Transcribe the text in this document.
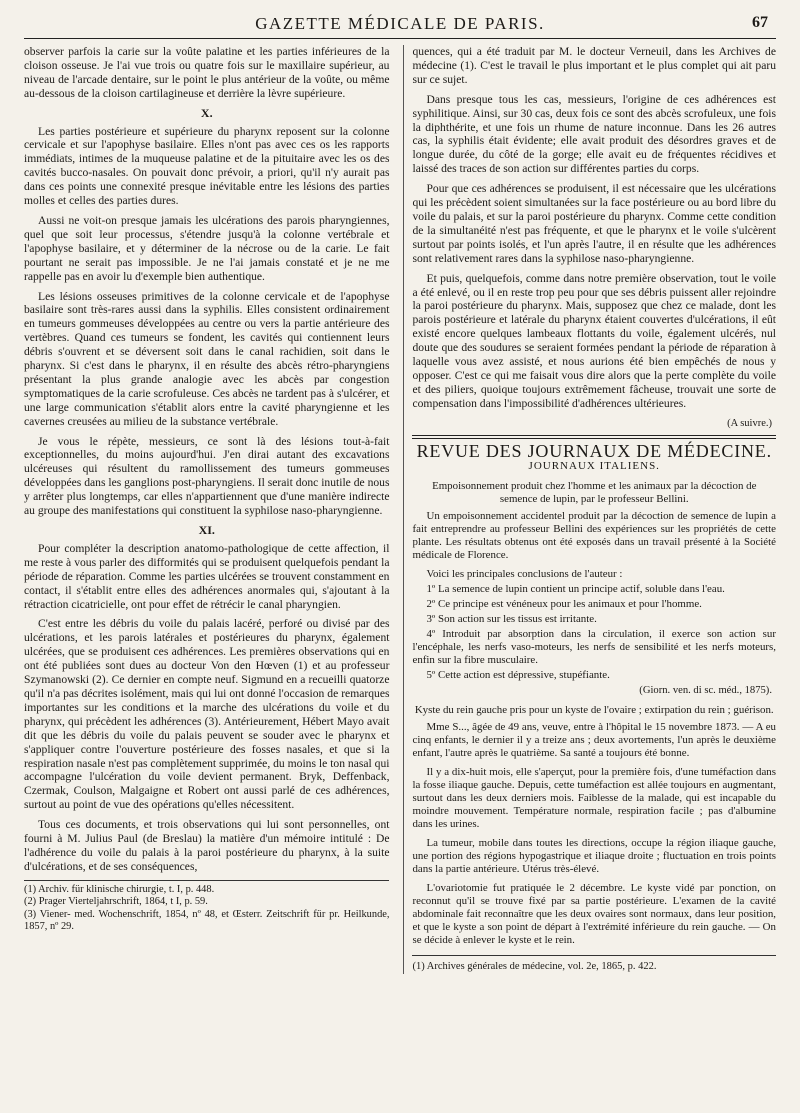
GAZETTE MÉDICALE DE PARIS.	67

observer parfois la carie sur la voûte palatine et les parties inférieures de la cloison osseuse. Je l'ai vue trois ou quatre fois sur le maxillaire supérieur, au niveau de l'arcade dentaire, sur le point le plus antérieur de la voûte, ou même au-dessous de la cloison cartilagineuse et derrière la lèvre supérieure.

X.

Les parties postérieure et supérieure du pharynx reposent sur la colonne cervicale et sur l'apophyse basilaire. Elles n'ont pas avec ces os les rapports immédiats, intimes de la muqueuse palatine et de la pituitaire avec les os des cavités bucco-nasales. On pouvait donc prévoir, a priori, qu'il n'y aurait pas dans ces points une connexité presque inévitable entre les lésions des parties molles et celles des parties dures.

Aussi ne voit-on presque jamais les ulcérations des parois pharyngiennes, quel que soit leur processus, s'étendre jusqu'à la colonne vertébrale et l'apophyse basilaire, et y déterminer de la nécrose ou de la carie. Le fait pourtant ne serait pas impossible. Je ne l'ai jamais constaté et je ne me rappelle pas en avoir lu d'exemple bien authentique.

Les lésions osseuses primitives de la colonne cervicale et de l'apophyse basilaire sont très-rares aussi dans la syphilis. Elles consistent ordinairement en tumeurs gommeuses développées au centre ou vers la partie antérieure des vertèbres. Quand ces tumeurs se fondent, les cavités qui contiennent leurs débris s'ouvrent et se déversent soit dans le canal rachidien, soit dans le pharynx. Si c'est dans le pharynx, il en résulte des abcès rétro-pharyngiens présentant la plus grande analogie avec les abcès par congestion symptomatiques de la carie scrofuleuse. Ces abcès ne tardent pas à s'ulcérer, et une large communication s'établit alors entre la cavité pharyngienne et les cavernes creusées au milieu de la substance vertébrale.

Je vous le répète, messieurs, ce sont là des lésions tout-à-fait exceptionnelles, du moins aujourd'hui. J'en dirai autant des excavations ulcéreuses qui résultent du ramollissement des tumeurs gommeuses développées dans les ganglions post-pharyngiens. Il serait donc inutile de nous y arrêter plus longtemps, car elles n'appartiennent que d'une manière indirecte au groupe des manifestations qui constituent la syphilose naso-pharyngienne.

XI.

Pour compléter la description anatomo-pathologique de cette affection, il me reste à vous parler des difformités qui se produisent quelquefois pendant la période de réparation. Comme les parties ulcérées se trouvent constamment en contact, il s'établit entre elles des adhérences anormales qui, s'ajoutant à la rétraction cicatricielle, ont pour effet de rétrécir le canal pharyngien.

C'est entre les débris du voile du palais lacéré, perforé ou divisé par des ulcérations, et les parois latérales et postérieures du pharynx, également ulcérées, que se produisent ces adhérences. Les premières observations qui en ont été publiées sont dues au docteur Von den Hœven (1) et au professeur Szymanowski (2). Ce dernier en compte neuf. Sigmund en a recueilli quatorze qu'il n'a pas décrites isolément, mais qui lui ont donné l'occasion de remarques importantes sur les conditions et la marche des ulcérations du voile et du pharynx, qui précèdent les adhérences (3). Antérieurement, Hébert Mayo avait dit que les débris du voile du palais peuvent se souder avec le pharynx et s'appliquer contre l'ouverture postérieure des fosses nasales, et que si la respiration nasale n'est pas complètement supprimée, du moins le ton nasal qui accompagne l'ulcération du voile devient permanent. Bryk, Deffenback, Czermak, Coulson, Malgaigne et Robert ont aussi parlé de ces adhérences, surtout au point de vue des opérations qu'elles nécessitent.

Tous ces documents, et trois observations qui lui sont personnelles, ont fourni à M. Julius Paul (de Breslau) la matière d'un mémoire intitulé : De l'adhérence du voile du palais à la paroi postérieure du pharynx, à la suite d'ulcérations, et de ses conséquences,

(1) Archiv. für klinische chirurgie, t. I, p. 448.

(2) Prager Vierteljahrschrift, 1864, t I, p. 59.

(3) Viener- med. Wochenschrift, 1854, nº 48, et Œsterr. Zeitschrift für pr. Heilkunde, 1857, nº 29.

quences, qui a été traduit par M. le docteur Verneuil, dans les Archives de médecine (1). C'est le travail le plus important et le plus complet qui ait paru sur ce sujet.

Dans presque tous les cas, messieurs, l'origine de ces adhérences est syphilitique. Ainsi, sur 30 cas, deux fois ce sont des abcès scrofuleux, une fois la diphthérite, et une fois un rhume de nature inconnue. Dans les 26 autres cas, la syphilis était évidente; elle avait produit des désordres graves et de longue durée, du côté de la gorge; elle avait eu de fréquentes récidives et laissé des traces de son action sur différentes parties du corps.

Pour que ces adhérences se produisent, il est nécessaire que les ulcérations qui les précèdent soient simultanées sur la face postérieure ou au bord libre du voile du palais, et sur la paroi postérieure du pharynx. Comme cette condition de la simultanéité n'est pas fréquente, et que le pharynx et le voile s'ulcèrent surtout par points isolés, et l'un après l'autre, il en résulte que les adhérences sont relativement rares dans la syphilose naso-pharyngienne.

Et puis, quelquefois, comme dans notre première observation, tout le voile a été enlevé, ou il en reste trop peu pour que ses débris puissent aller rejoindre la paroi postérieure du pharynx. Mais, supposez que chez ce malade, dont les parois postérieure et latérale du pharynx étaient couvertes d'ulcérations, il eût existé encore quelques lambeaux flottants du voile, également ulcérés, nul doute que des soudures se seraient formées pendant la période de réparation à laquelle vous avez assisté, et nous aurions été bien empêchés de nous y opposer. C'est ce qui me faisait vous dire alors que la perte complète du voile et des piliers, quoique toujours extrêmement fâcheuse, trouvait une sorte de compensation dans l'impossibilité d'adhérences ultérieures.

(A suivre.)
REVUE DES JOURNAUX DE MÉDECINE.
JOURNAUX ITALIENS.
Empoisonnement produit chez l'homme et les animaux par la décoction de semence de lupin, par le professeur Bellini.

Un empoisonnement accidentel produit par la décoction de semence de lupin a fait entreprendre au professeur Bellini des expériences sur les propriétés de cette plante. Les résultats obtenus ont été exposés dans un travail présenté à la Société médicale de Florence.

Voici les principales conclusions de l'auteur :

1º La semence de lupin contient un principe actif, soluble dans l'eau.

2º Ce principe est vénéneux pour les animaux et pour l'homme.

3º Son action sur les tissus est irritante.

4º Introduit par absorption dans la circulation, il exerce son action sur l'encéphale, les nerfs vaso-moteurs, les nerfs de sensibilité et les nerfs moteurs, enfin sur la fibre musculaire.

5º Cette action est dépressive, stupéfiante.

(Giorn. ven. di sc. méd., 1875).
Kyste du rein gauche pris pour un kyste de l'ovaire ; extirpation du rein ; guérison.

Mme S..., âgée de 49 ans, veuve, entre à l'hôpital le 15 novembre 1873. — A eu cinq enfants, le dernier il y a treize ans ; deux avortements, l'un après le deuxième enfant, l'autre après le quatrième. Sa santé a toujours été bonne.

Il y a dix-huit mois, elle s'aperçut, pour la première fois, d'une tuméfaction dans la fosse iliaque gauche. Depuis, cette tuméfaction est allée toujours en augmentant, surtout dans les deux derniers mois. Faiblesse de la malade, qui est incapable du moindre mouvement. Température normale, respiration facile ; pas d'albumine dans les urines.

La tumeur, mobile dans toutes les directions, occupe la région iliaque gauche, une portion des régions hypogastrique et iliaque droite ; fluctuation en trois points dans la partie antérieure. Utérus très-élevé.

L'ovariotomie fut pratiquée le 2 décembre. Le kyste vidé par ponction, on reconnut qu'il se trouve fixé par sa partie postérieure. L'examen de la cavité abdominale fait reconnaître que les deux ovaires sont normaux, dans leur position, et que le kyste a son point de départ à l'extrémité inférieure du rein gauche. — On se décide à enlever le kyste et le rein.

(1) Archives générales de médecine, vol. 2e, 1865, p. 422.
